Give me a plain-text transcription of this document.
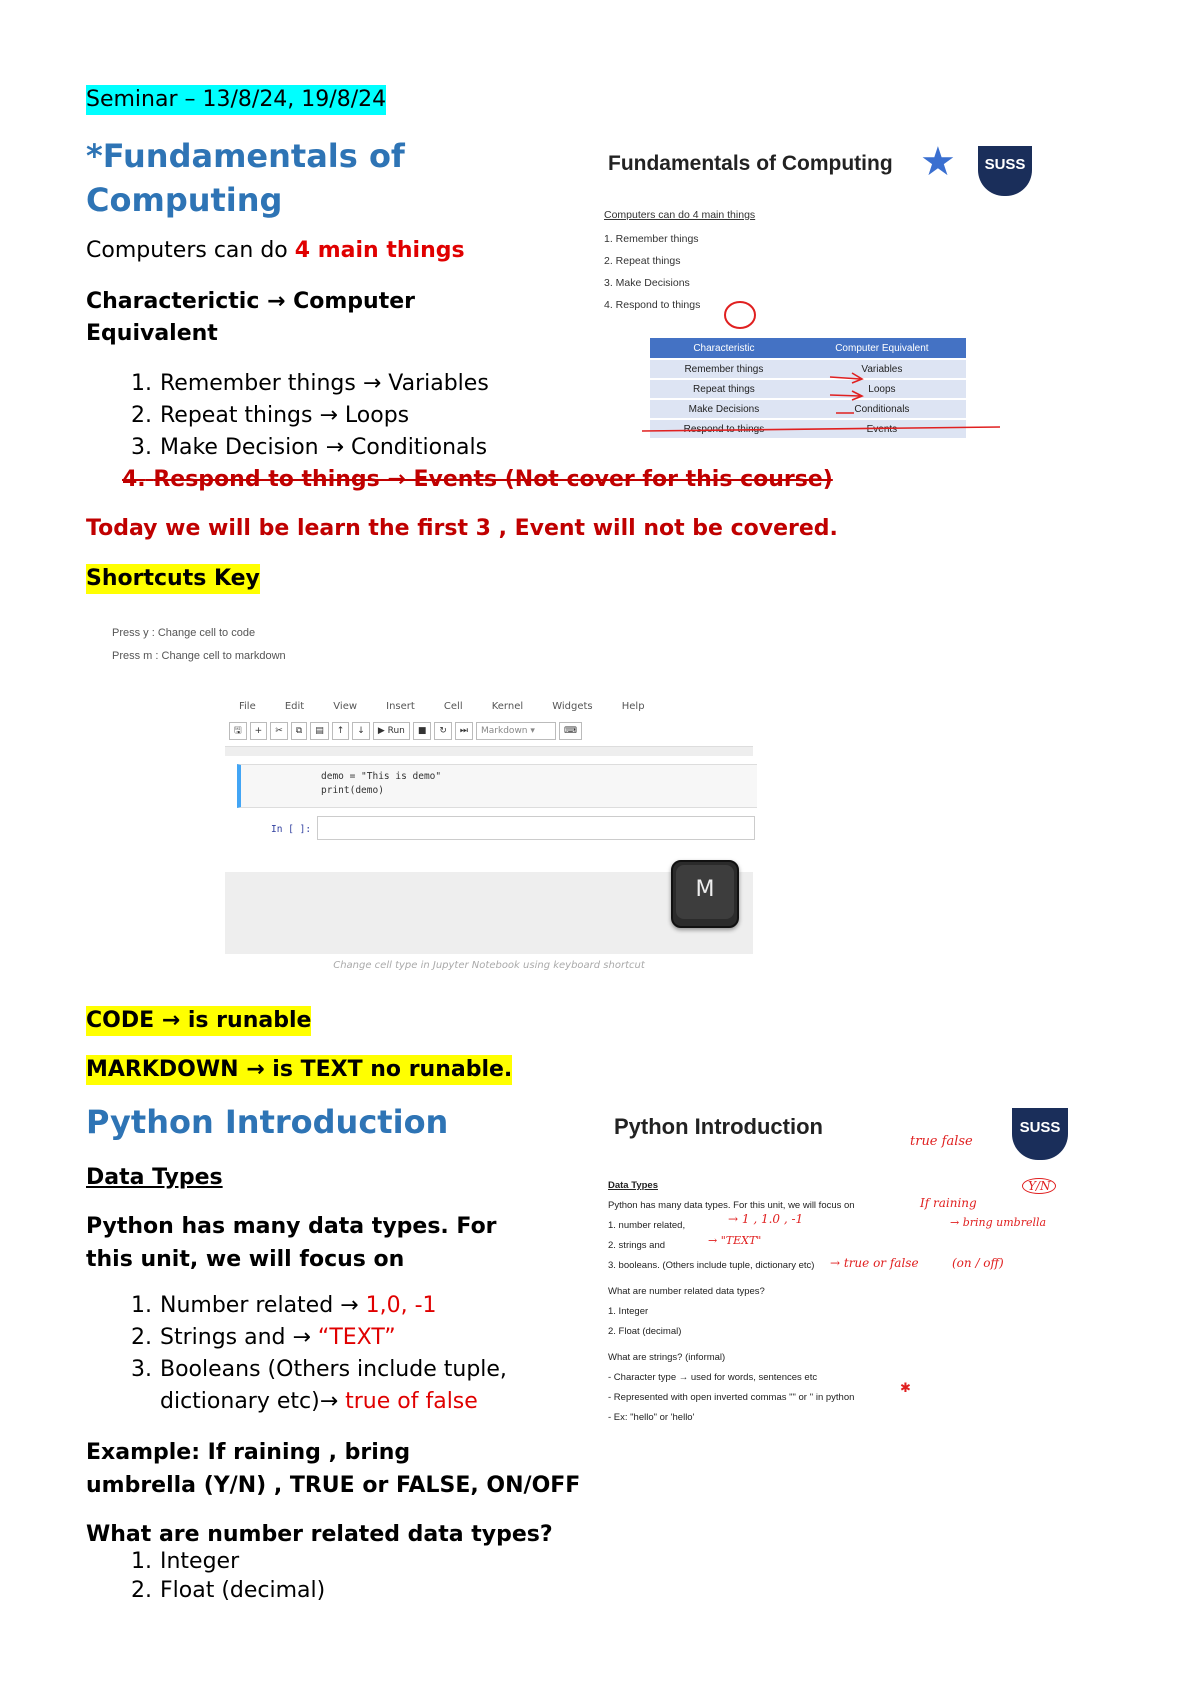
Seminar – 13/8/24, 19/8/24
*Fundamentals of
Computing
Computers can do 4 main things
Characterictic → Computer
Equivalent
1. Remember things → Variables
2. Repeat things → Loops
3. Make Decision → Conditionals
4. Respond to things → Events (Not cover for this course)
Today we will be learn the first 3 , Event will not be covered.
Fundamentals of Computing ★	SUSS
Computers can do 4 main things
1. Remember things
2. Repeat things
3. Make Decisions
4. Respond to things
Characteristic	Computer Equivalent
Remember things	Variables
Repeat things	Loops
Make Decisions	Conditionals
Respond to things	Events
Shortcuts Key
Press y : Change cell to code
Press m : Change cell to markdown
File	Edit	View	Insert	Cell	Kernel	Widgets	Help
🖫 + ✂ ⧉ ▤ ↑ ↓ ▶ Run ■ ↻ ⏭ Markdown ▾	⌨
demo = "This is demo"
print(demo)
In [ ]:
M
Change cell type in Jupyter Notebook using keyboard shortcut
CODE → is runable
MARKDOWN → is TEXT no runable.
Python Introduction
Data Types
Python has many data types. For
this unit, we will focus on
1. Number related → 1,0, -1
2. Strings and → “TEXT”
3. Booleans (Others include tuple,
dictionary etc)→ true of false
Example: If raining , bring
umbrella (Y/N) , TRUE or FALSE, ON/OFF
What are number related data types?
1. Integer
2. Float (decimal)
Python Introduction	SUSS
Data Types
Python has many data types. For this unit, we will focus on
1. number related,
2. strings and
3. booleans. (Others include tuple, dictionary etc)
What are number related data types?
1. Integer
2. Float (decimal)
What are strings? (informal)
- Character type → used for words, sentences etc
- Represented with open inverted commas "" or '' in python
- Ex: "hello" or 'hello'
true false
Y/N
If raining
→ bring umbrella
→ 1 , 1.0 , -1
→ "TEXT"
→ true or false	(on / off)
✱
